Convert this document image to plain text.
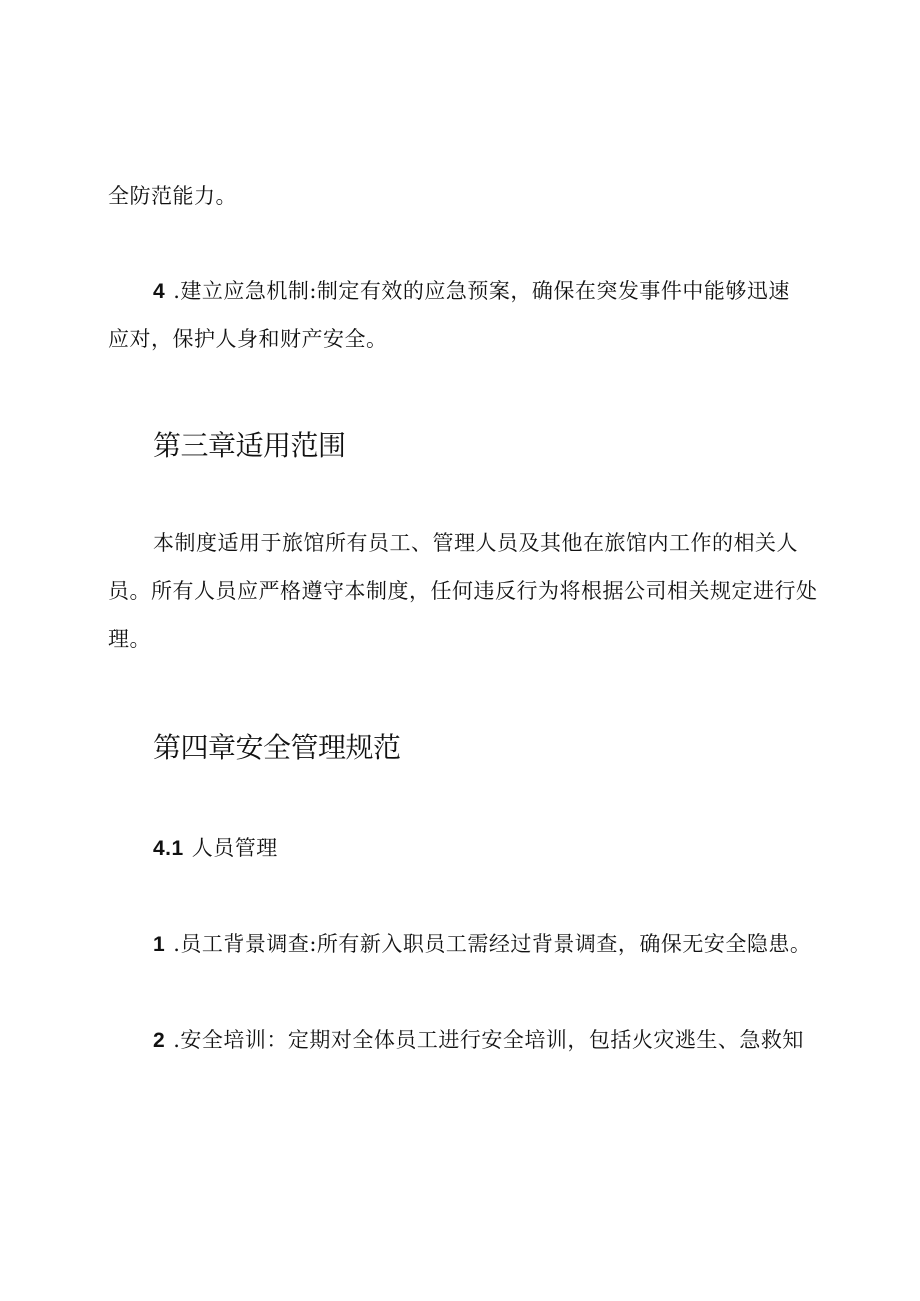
全防范能力。
4 .建立应急机制:制定有效的应急预案，确保在突发事件中能够迅速
应对，保护人身和财产安全。
第三章适用范围
本制度适用于旅馆所有员工、管理人员及其他在旅馆内工作的相关人
员。所有人员应严格遵守本制度，任何违反行为将根据公司相关规定进行处
理。
第四章安全管理规范
4.1 人员管理
1 .员工背景调查:所有新入职员工需经过背景调查，确保无安全隐患。
2 .安全培训：定期对全体员工进行安全培训，包括火灾逃生、急救知
